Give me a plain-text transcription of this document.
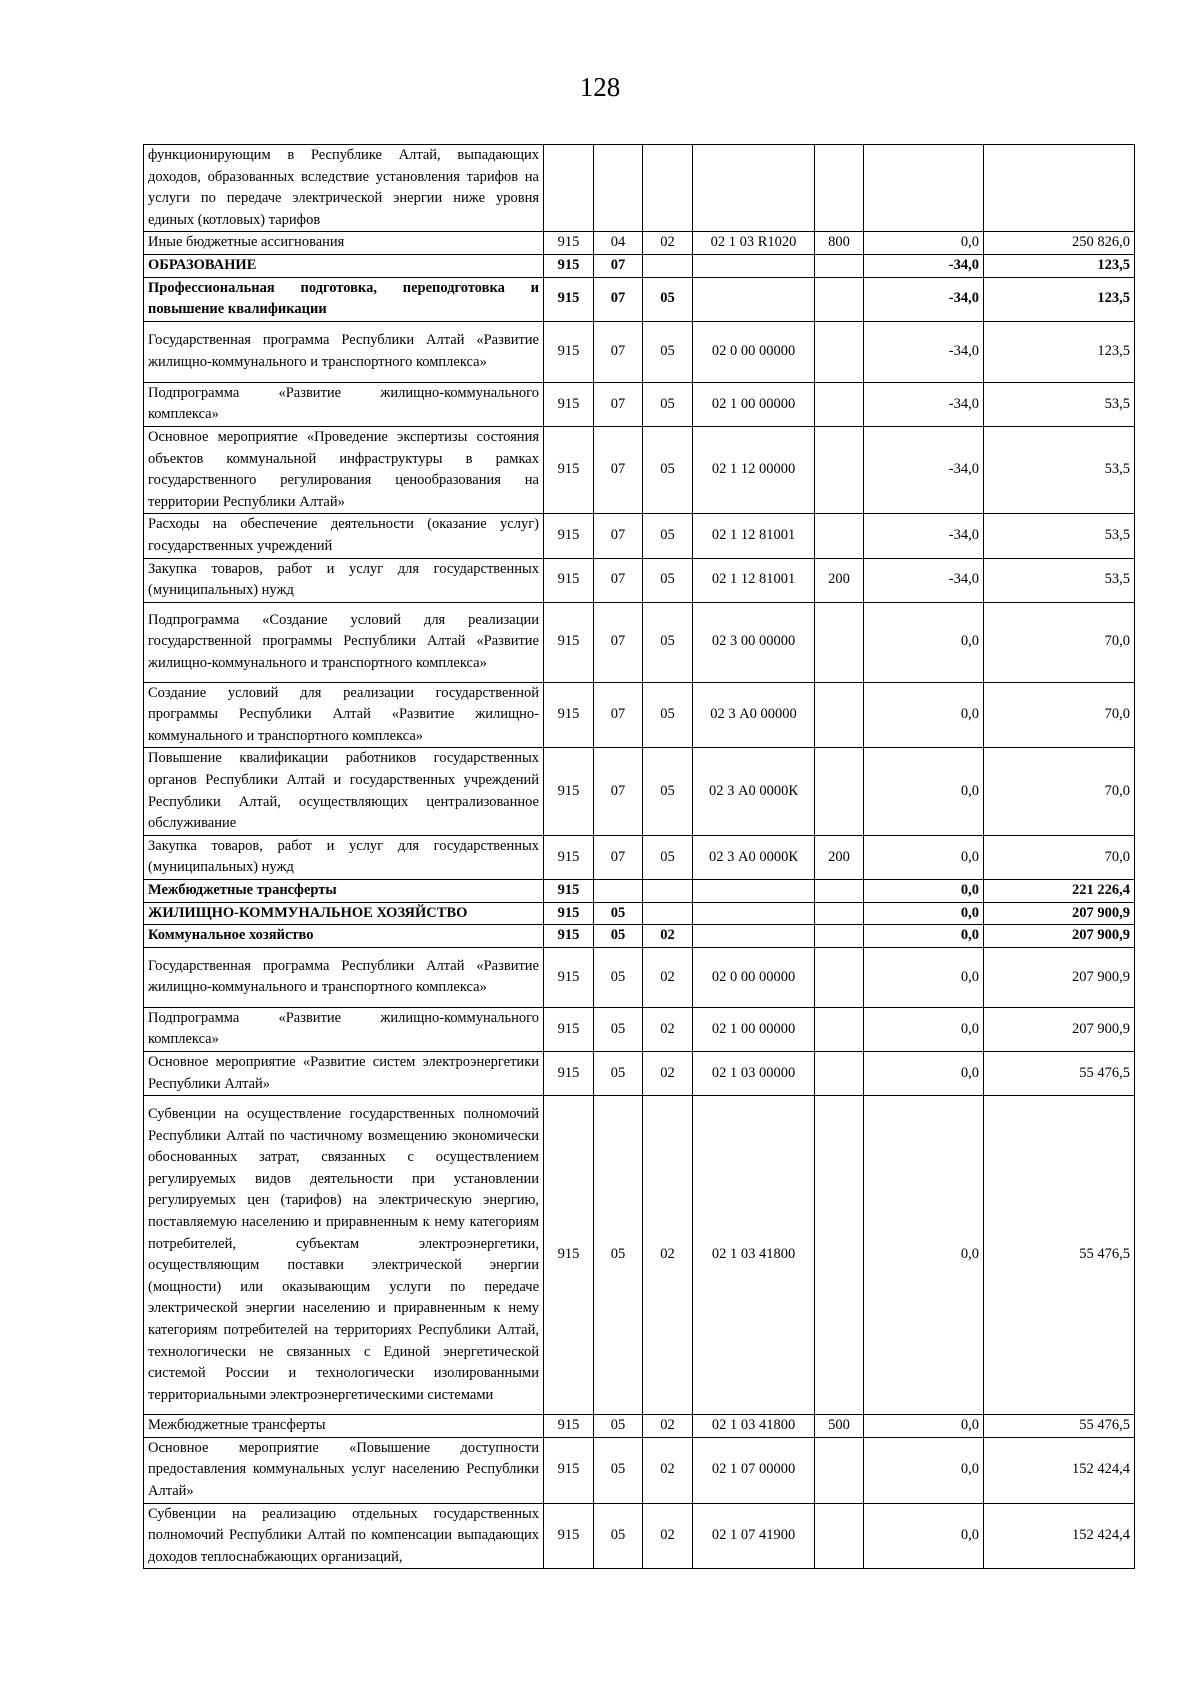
128
функционирующим в Республике Алтай, выпадающих доходов, образованных вследствие установления тарифов на услуги по передаче электрической энергии ниже уровня единых (котловых) тарифов							
Иные бюджетные ассигнования	915	04	02	02 1 03 R1020	800	0,0	250 826,0
ОБРАЗОВАНИЕ	915	07				-34,0	123,5
Профессиональная подготовка, переподготовка и повышение квалификации	915	07	05			-34,0	123,5
Государственная программа Республики Алтай «Развитие жилищно-коммунального и транспортного комплекса»	915	07	05	02 0 00 00000		-34,0	123,5
Подпрограмма «Развитие жилищно-коммунального комплекса»	915	07	05	02 1 00 00000		-34,0	53,5
Основное мероприятие «Проведение экспертизы состояния объектов коммунальной инфраструктуры в рамках государственного регулирования ценообразования на территории Республики Алтай»	915	07	05	02 1 12 00000		-34,0	53,5
Расходы на обеспечение деятельности (оказание услуг) государственных учреждений	915	07	05	02 1 12 81001		-34,0	53,5
Закупка товаров, работ и услуг для государственных (муниципальных) нужд	915	07	05	02 1 12 81001	200	-34,0	53,5
Подпрограмма «Создание условий для реализации государственной программы Республики Алтай «Развитие жилищно-коммунального и транспортного комплекса»	915	07	05	02 3 00 00000		0,0	70,0
Создание условий для реализации государственной программы Республики Алтай «Развитие жилищно-коммунального и транспортного комплекса»	915	07	05	02 3 А0 00000		0,0	70,0
Повышение квалификации работников государственных органов Республики Алтай и государственных учреждений Республики Алтай, осуществляющих централизованное обслуживание	915	07	05	02 3 А0 0000К		0,0	70,0
Закупка товаров, работ и услуг для государственных (муниципальных) нужд	915	07	05	02 3 А0 0000К	200	0,0	70,0
Межбюджетные трансферты	915					0,0	221 226,4
ЖИЛИЩНО-КОММУНАЛЬНОЕ ХОЗЯЙСТВО	915	05				0,0	207 900,9
Коммунальное хозяйство	915	05	02			0,0	207 900,9
Государственная программа Республики Алтай «Развитие жилищно-коммунального и транспортного комплекса»	915	05	02	02 0 00 00000		0,0	207 900,9
Подпрограмма «Развитие жилищно-коммунального комплекса»	915	05	02	02 1 00 00000		0,0	207 900,9
Основное мероприятие «Развитие систем электроэнергетики Республики Алтай»	915	05	02	02 1 03 00000		0,0	55 476,5
Субвенции на осуществление государственных полномочий Республики Алтай по частичному возмещению экономически обоснованных затрат, связанных с осуществлением регулируемых видов деятельности при установлении регулируемых цен (тарифов) на электрическую энергию, поставляемую населению и приравненным к нему категориям потребителей, субъектам электроэнергетики, осуществляющим поставки электрической энергии (мощности) или оказывающим услуги по передаче электрической энергии населению и приравненным к нему категориям потребителей на территориях Республики Алтай, технологически не связанных с Единой энергетической системой России и технологически изолированными территориальными электроэнергетическими системами	915	05	02	02 1 03 41800		0,0	55 476,5
Межбюджетные трансферты	915	05	02	02 1 03 41800	500	0,0	55 476,5
Основное мероприятие «Повышение доступности предоставления коммунальных услуг населению Республики Алтай»	915	05	02	02 1 07 00000		0,0	152 424,4
Субвенции на реализацию отдельных государственных полномочий Республики Алтай по компенсации выпадающих доходов теплоснабжающих организаций,	915	05	02	02 1 07 41900		0,0	152 424,4
